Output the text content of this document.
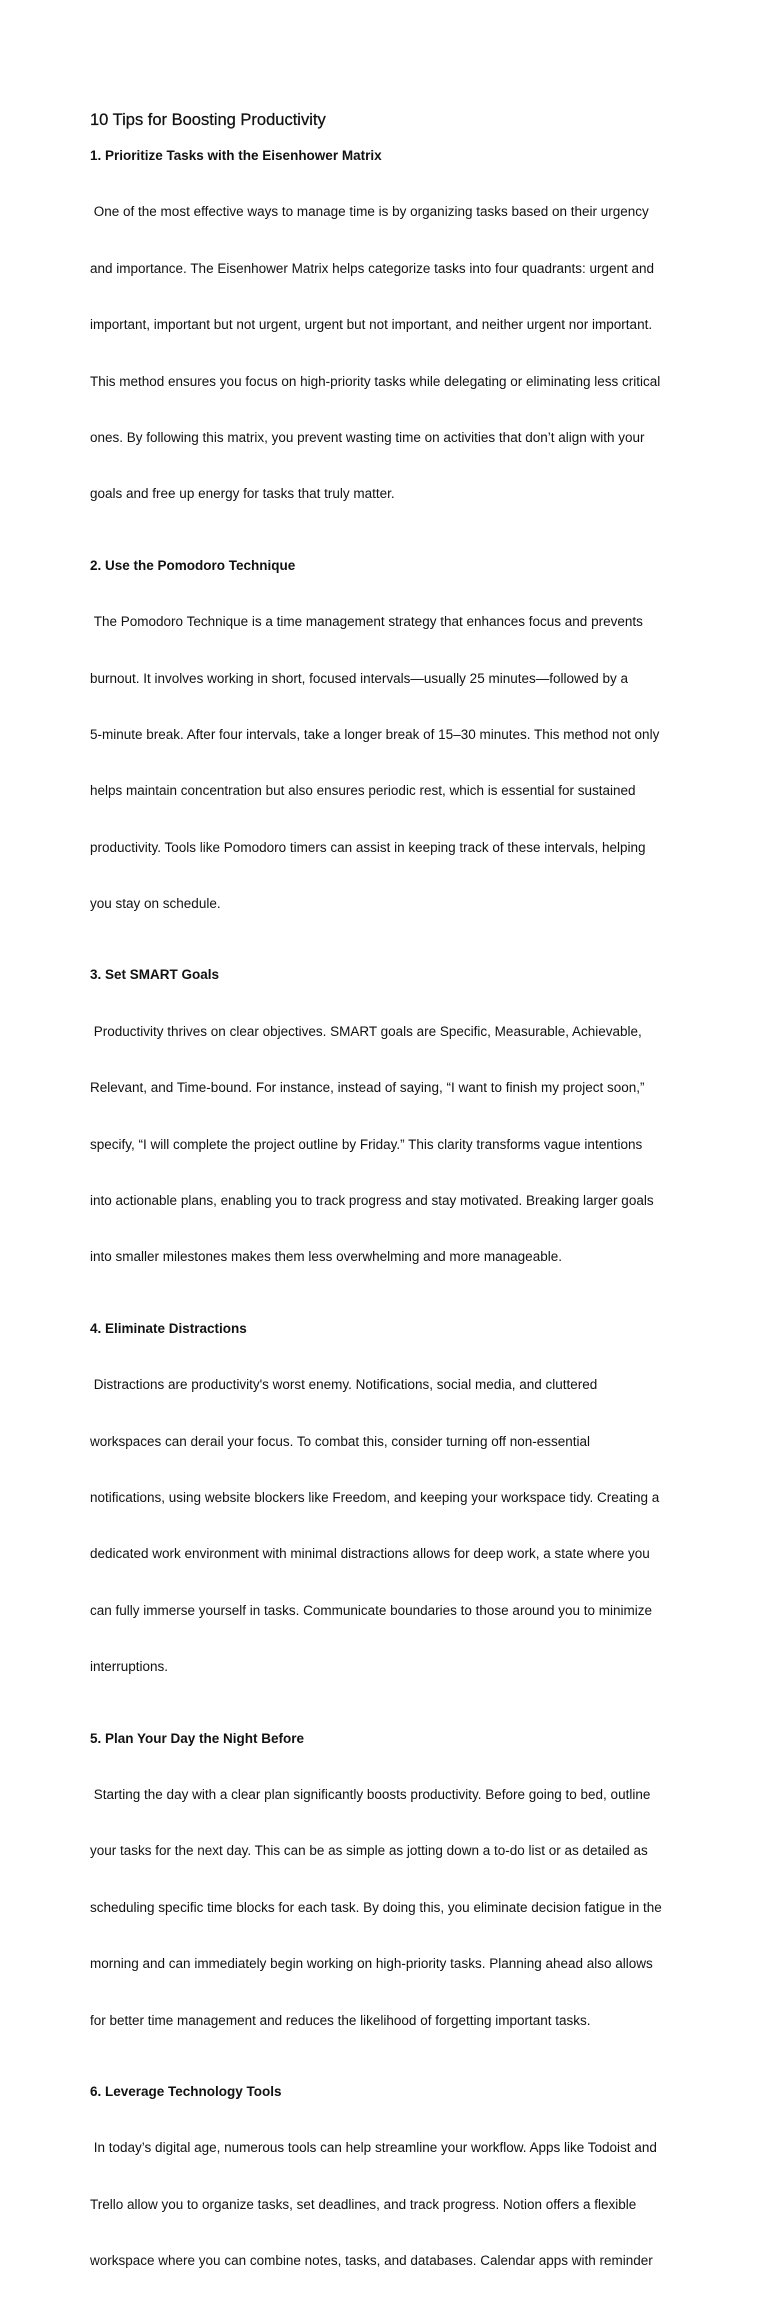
10 Tips for Boosting Productivity

1. Prioritize Tasks with the Eisenhower Matrix

One of the most effective ways to manage time is by organizing tasks based on their urgency

and importance. The Eisenhower Matrix helps categorize tasks into four quadrants: urgent and

important, important but not urgent, urgent but not important, and neither urgent nor important.

This method ensures you focus on high-priority tasks while delegating or eliminating less critical

ones. By following this matrix, you prevent wasting time on activities that don’t align with your

goals and free up energy for tasks that truly matter.

2. Use the Pomodoro Technique

The Pomodoro Technique is a time management strategy that enhances focus and prevents

burnout. It involves working in short, focused intervals—usually 25 minutes—followed by a

5-minute break. After four intervals, take a longer break of 15–30 minutes. This method not only

helps maintain concentration but also ensures periodic rest, which is essential for sustained

productivity. Tools like Pomodoro timers can assist in keeping track of these intervals, helping

you stay on schedule.

3. Set SMART Goals

Productivity thrives on clear objectives. SMART goals are Specific, Measurable, Achievable,

Relevant, and Time-bound. For instance, instead of saying, “I want to finish my project soon,”

specify, “I will complete the project outline by Friday.” This clarity transforms vague intentions

into actionable plans, enabling you to track progress and stay motivated. Breaking larger goals

into smaller milestones makes them less overwhelming and more manageable.

4. Eliminate Distractions

Distractions are productivity's worst enemy. Notifications, social media, and cluttered

workspaces can derail your focus. To combat this, consider turning off non-essential

notifications, using website blockers like Freedom, and keeping your workspace tidy. Creating a

dedicated work environment with minimal distractions allows for deep work, a state where you

can fully immerse yourself in tasks. Communicate boundaries to those around you to minimize

interruptions.

5. Plan Your Day the Night Before

Starting the day with a clear plan significantly boosts productivity. Before going to bed, outline

your tasks for the next day. This can be as simple as jotting down a to-do list or as detailed as

scheduling specific time blocks for each task. By doing this, you eliminate decision fatigue in the

morning and can immediately begin working on high-priority tasks. Planning ahead also allows

for better time management and reduces the likelihood of forgetting important tasks.

6. Leverage Technology Tools

In today’s digital age, numerous tools can help streamline your workflow. Apps like Todoist and

Trello allow you to organize tasks, set deadlines, and track progress. Notion offers a flexible

workspace where you can combine notes, tasks, and databases. Calendar apps with reminder
